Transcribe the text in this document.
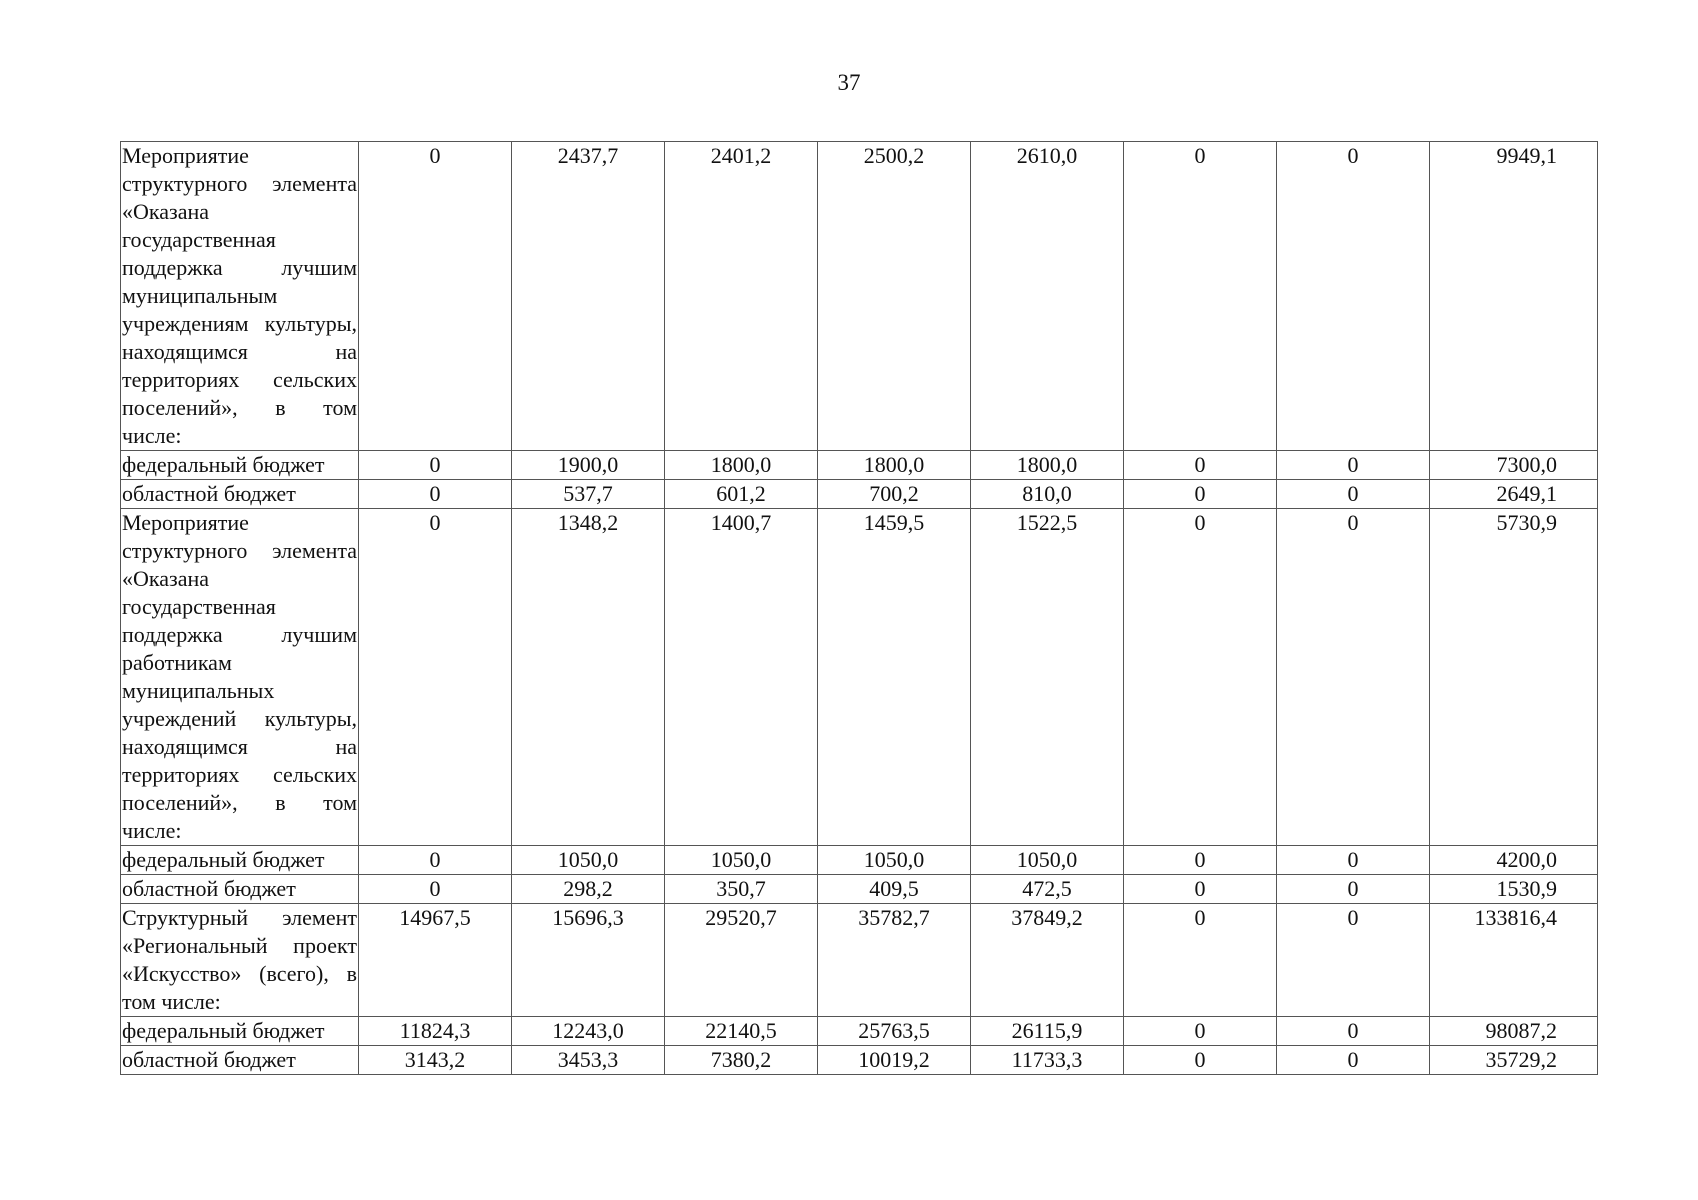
37
Мероприятие структурного элемента «Оказана государственная поддержка лучшим муниципальным учреждениям культуры, находящимся на территориях сельских поселений», в том числе:	0	2437,7	2401,2	2500,2	2610,0	0	0	9949,1
федеральный бюджет	0	1900,0	1800,0	1800,0	1800,0	0	0	7300,0
областной бюджет	0	537,7	601,2	700,2	810,0	0	0	2649,1
Мероприятие структурного элемента «Оказана государственная поддержка лучшим работникам муниципальных учреждений культуры, находящимся на территориях сельских поселений», в том числе:	0	1348,2	1400,7	1459,5	1522,5	0	0	5730,9
федеральный бюджет	0	1050,0	1050,0	1050,0	1050,0	0	0	4200,0
областной бюджет	0	298,2	350,7	409,5	472,5	0	0	1530,9
Структурный элемент «Региональный проект «Искусство» (всего), в том числе:	14967,5	15696,3	29520,7	35782,7	37849,2	0	0	133816,4
федеральный бюджет	11824,3	12243,0	22140,5	25763,5	26115,9	0	0	98087,2
областной бюджет	3143,2	3453,3	7380,2	10019,2	11733,3	0	0	35729,2
